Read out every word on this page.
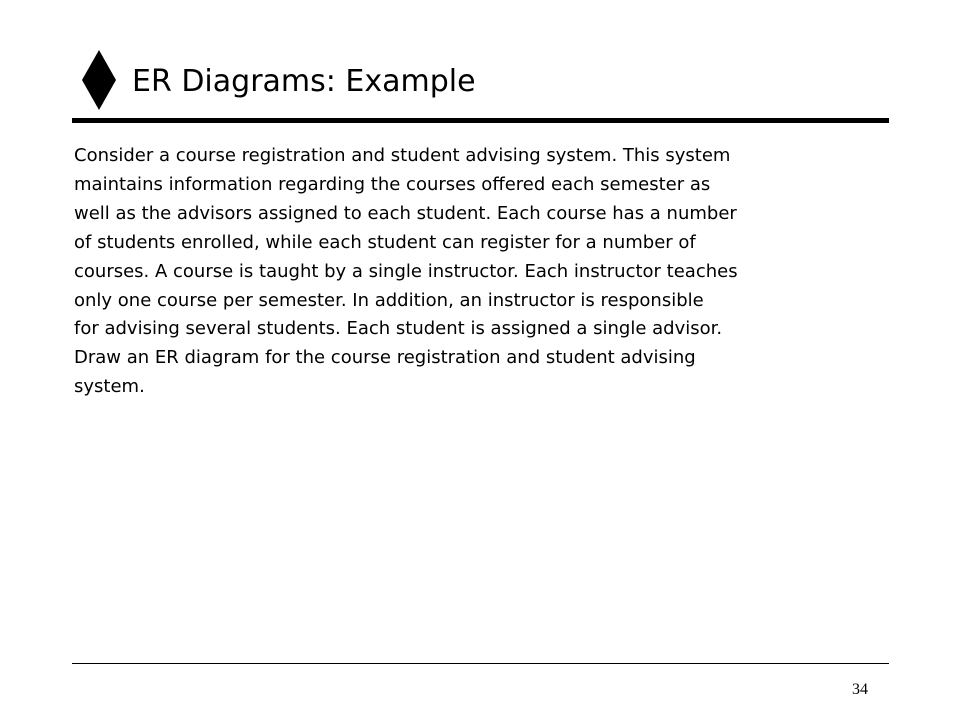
ER Diagrams: Example

Consider a course registration and student advising system. This system
maintains information regarding the courses offered each semester as
well as the advisors assigned to each student. Each course has a number
of students enrolled, while each student can register for a number of
courses. A course is taught by a single instructor. Each instructor teaches
only one course per semester. In addition, an instructor is responsible
for advising several students. Each student is assigned a single advisor.
Draw an ER diagram for the course registration and student advising
system.

34
